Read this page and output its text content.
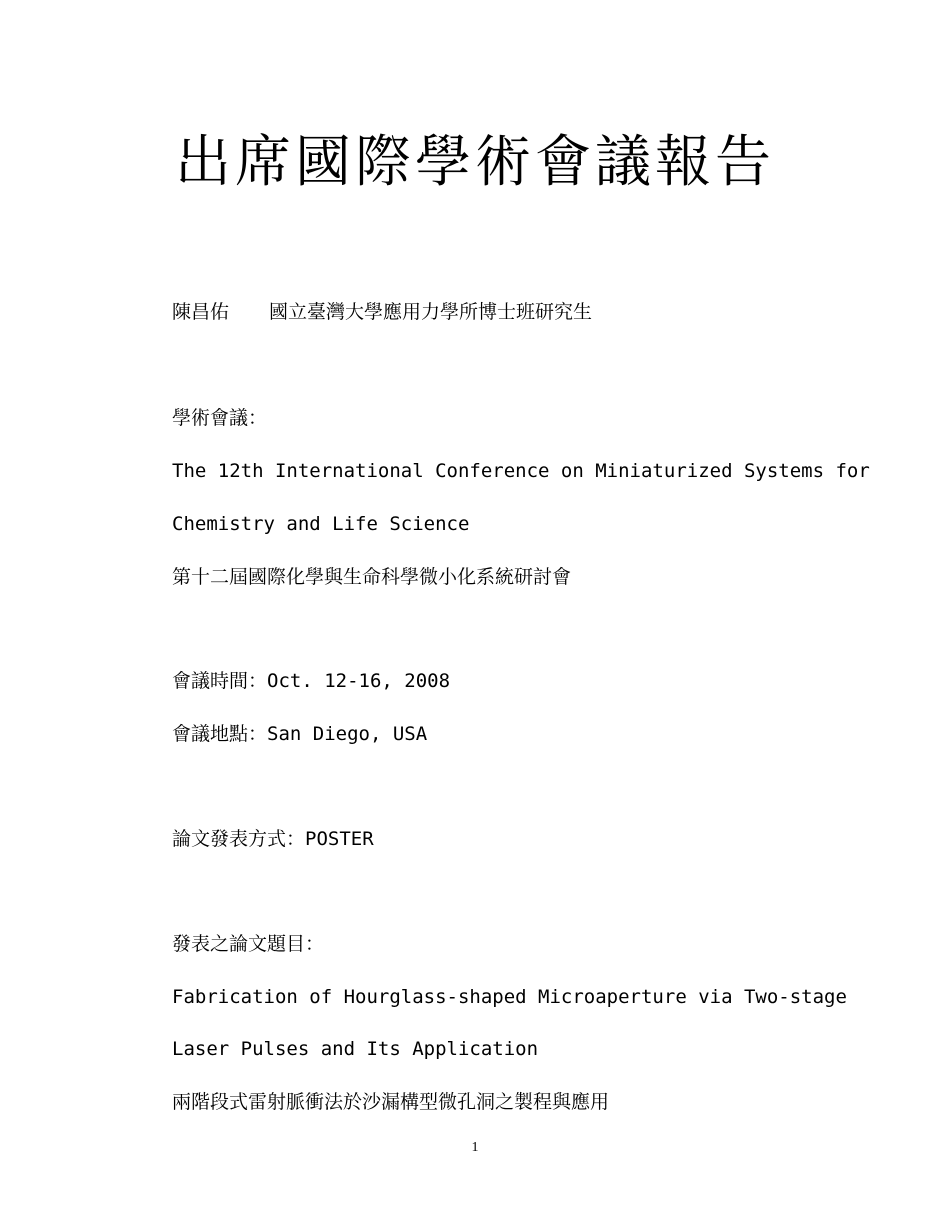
出席國際學術會議報告
陳昌佑 國立臺灣大學應用力學所博士班研究生
學術會議：
The 12th International Conference on Miniaturized Systems for
Chemistry and Life Science
第十二屆國際化學與生命科學微小化系統研討會
會議時間：Oct. 12-16, 2008
會議地點：San Diego, USA
論文發表方式：POSTER
發表之論文題目：
Fabrication of Hourglass-shaped Microaperture via Two-stage
Laser Pulses and Its Application
兩階段式雷射脈衝法於沙漏構型微孔洞之製程與應用
1
